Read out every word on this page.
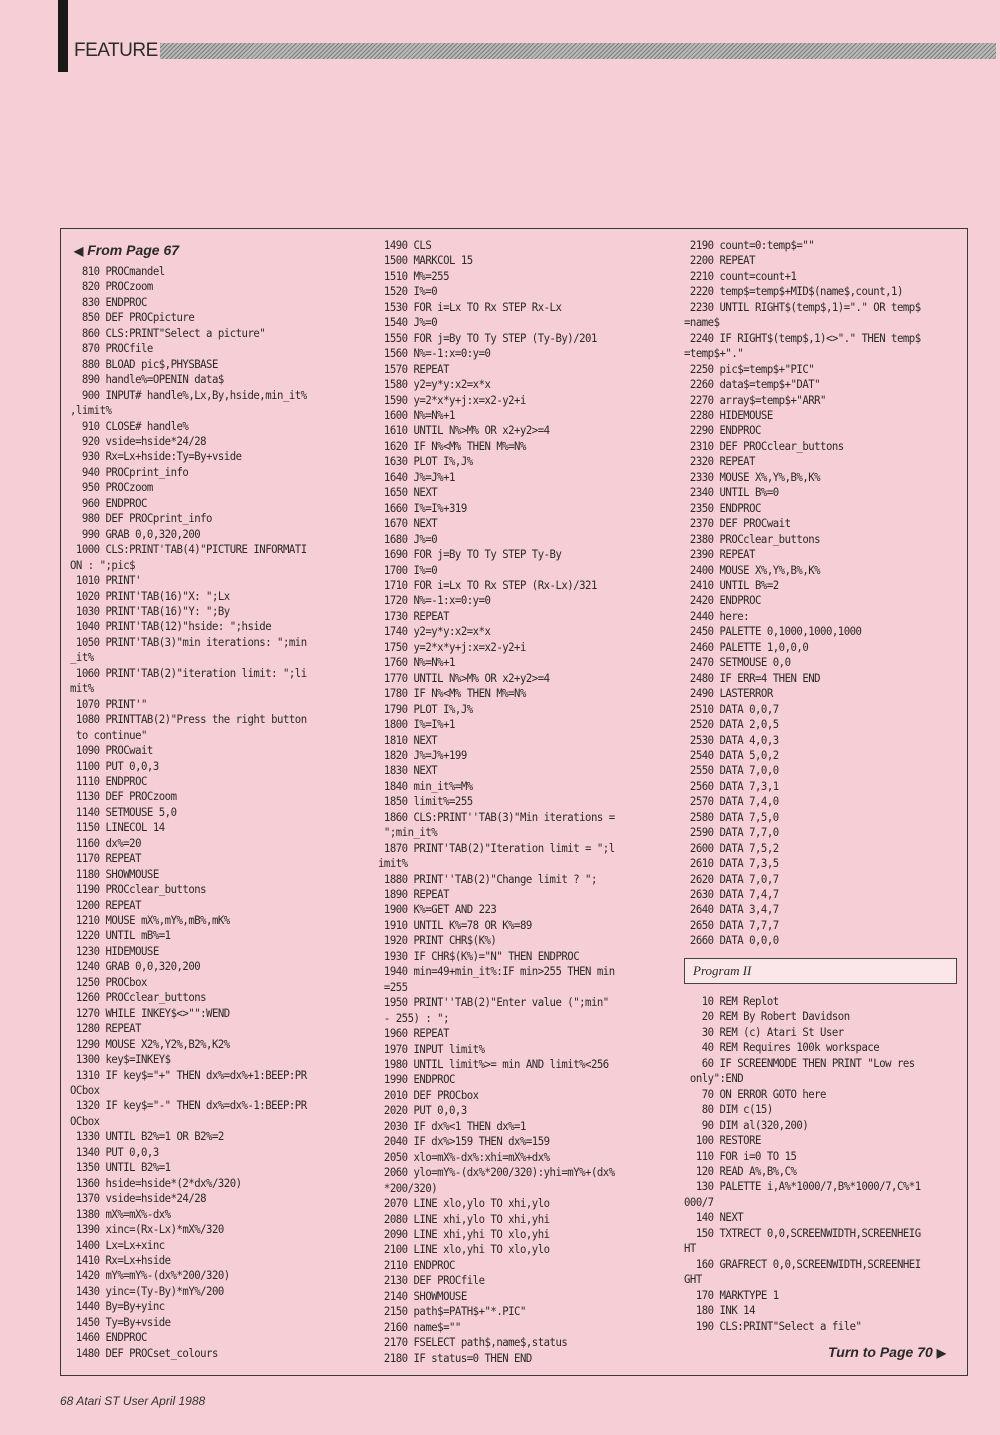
FEATURE
◀ From Page 67
810 PROCmandel
820 PROCzoom
830 ENDPROC
850 DEF PROCpicture
860 CLS:PRINT"Select a picture"
870 PROCfile
880 BLOAD pic$,PHYSBASE
890 handle%=OPENIN data$
900 INPUT# handle%,Lx,By,hside,min_it%
,limit%
910 CLOSE# handle%
920 vside=hside*24/28
930 Rx=Lx+hside:Ty=By+vside
940 PROCprint_info
950 PROCzoom
960 ENDPROC
980 DEF PROCprint_info
990 GRAB 0,0,320,200
1000 CLS:PRINT'TAB(4)"PICTURE INFORMATI
ON : ";pic$
1010 PRINT'
1020 PRINT'TAB(16)"X: ";Lx
1030 PRINT'TAB(16)"Y: ";By
1040 PRINT'TAB(12)"hside: ";hside
1050 PRINT'TAB(3)"min iterations: ";min
_it%
1060 PRINT'TAB(2)"iteration limit: ";li
mit%
1070 PRINT'"
1080 PRINTTAB(2)"Press the right button
to continue"
1090 PROCwait
1100 PUT 0,0,3
1110 ENDPROC
1130 DEF PROCzoom
1140 SETMOUSE 5,0
1150 LINECOL 14
1160 dx%=20
1170 REPEAT
1180 SHOWMOUSE
1190 PROCclear_buttons
1200 REPEAT
1210 MOUSE mX%,mY%,mB%,mK%
1220 UNTIL mB%=1
1230 HIDEMOUSE
1240 GRAB 0,0,320,200
1250 PROCbox
1260 PROCclear_buttons
1270 WHILE INKEY$<>"":WEND
1280 REPEAT
1290 MOUSE X2%,Y2%,B2%,K2%
1300 key$=INKEY$
1310 IF key$="+" THEN dx%=dx%+1:BEEP:PR
OCbox
1320 IF key$="-" THEN dx%=dx%-1:BEEP:PR
OCbox
1330 UNTIL B2%=1 OR B2%=2
1340 PUT 0,0,3
1350 UNTIL B2%=1
1360 hside=hside*(2*dx%/320)
1370 vside=hside*24/28
1380 mX%=mX%-dx%
1390 xinc=(Rx-Lx)*mX%/320
1400 Lx=Lx+xinc
1410 Rx=Lx+hside
1420 mY%=mY%-(dx%*200/320)
1430 yinc=(Ty-By)*mY%/200
1440 By=By+yinc
1450 Ty=By+vside
1460 ENDPROC
1480 DEF PROCset_colours
1490 CLS
1500 MARKCOL 15
1510 M%=255
1520 I%=0
1530 FOR i=Lx TO Rx STEP Rx-Lx
1540 J%=0
1550 FOR j=By TO Ty STEP (Ty-By)/201
1560 N%=-1:x=0:y=0
1570 REPEAT
1580 y2=y*y:x2=x*x
1590 y=2*x*y+j:x=x2-y2+i
1600 N%=N%+1
1610 UNTIL N%>M% OR x2+y2>=4
1620 IF N%<M% THEN M%=N%
1630 PLOT I%,J%
1640 J%=J%+1
1650 NEXT
1660 I%=I%+319
1670 NEXT
1680 J%=0
1690 FOR j=By TO Ty STEP Ty-By
1700 I%=0
1710 FOR i=Lx TO Rx STEP (Rx-Lx)/321
1720 N%=-1:x=0:y=0
1730 REPEAT
1740 y2=y*y:x2=x*x
1750 y=2*x*y+j:x=x2-y2+i
1760 N%=N%+1
1770 UNTIL N%>M% OR x2+y2>=4
1780 IF N%<M% THEN M%=N%
1790 PLOT I%,J%
1800 I%=I%+1
1810 NEXT
1820 J%=J%+199
1830 NEXT
1840 min_it%=M%
1850 limit%=255
1860 CLS:PRINT''TAB(3)"Min iterations =
";min_it%
1870 PRINT'TAB(2)"Iteration limit = ";l
imit%
1880 PRINT''TAB(2)"Change limit ? ";
1890 REPEAT
1900 K%=GET AND 223
1910 UNTIL K%=78 OR K%=89
1920 PRINT CHR$(K%)
1930 IF CHR$(K%)="N" THEN ENDPROC
1940 min=49+min_it%:IF min>255 THEN min
=255
1950 PRINT''TAB(2)"Enter value (";min"
- 255) : ";
1960 REPEAT
1970 INPUT limit%
1980 UNTIL limit%>= min AND limit%<256
1990 ENDPROC
2010 DEF PROCbox
2020 PUT 0,0,3
2030 IF dx%<1 THEN dx%=1
2040 IF dx%>159 THEN dx%=159
2050 xlo=mX%-dx%:xhi=mX%+dx%
2060 ylo=mY%-(dx%*200/320):yhi=mY%+(dx%
*200/320)
2070 LINE xlo,ylo TO xhi,ylo
2080 LINE xhi,ylo TO xhi,yhi
2090 LINE xhi,yhi TO xlo,yhi
2100 LINE xlo,yhi TO xlo,ylo
2110 ENDPROC
2130 DEF PROCfile
2140 SHOWMOUSE
2150 path$=PATH$+"*.PIC"
2160 name$=""
2170 FSELECT path$,name$,status
2180 IF status=0 THEN END
2190 count=0:temp$=""
2200 REPEAT
2210 count=count+1
2220 temp$=temp$+MID$(name$,count,1)
2230 UNTIL RIGHT$(temp$,1)="." OR temp$
=name$
2240 IF RIGHT$(temp$,1)<>"." THEN temp$
=temp$+"."
2250 pic$=temp$+"PIC"
2260 data$=temp$+"DAT"
2270 array$=temp$+"ARR"
2280 HIDEMOUSE
2290 ENDPROC
2310 DEF PROCclear_buttons
2320 REPEAT
2330 MOUSE X%,Y%,B%,K%
2340 UNTIL B%=0
2350 ENDPROC
2370 DEF PROCwait
2380 PROCclear_buttons
2390 REPEAT
2400 MOUSE X%,Y%,B%,K%
2410 UNTIL B%=2
2420 ENDPROC
2440 here:
2450 PALETTE 0,1000,1000,1000
2460 PALETTE 1,0,0,0
2470 SETMOUSE 0,0
2480 IF ERR=4 THEN END
2490 LASTERROR
2510 DATA 0,0,7
2520 DATA 2,0,5
2530 DATA 4,0,3
2540 DATA 5,0,2
2550 DATA 7,0,0
2560 DATA 7,3,1
2570 DATA 7,4,0
2580 DATA 7,5,0
2590 DATA 7,7,0
2600 DATA 7,5,2
2610 DATA 7,3,5
2620 DATA 7,0,7
2630 DATA 7,4,7
2640 DATA 3,4,7
2650 DATA 7,7,7
2660 DATA 0,0,0
Program II
10 REM Replot
20 REM By Robert Davidson
30 REM (c) Atari St User
40 REM Requires 100k workspace
60 IF SCREENMODE THEN PRINT "Low res
only":END
70 ON ERROR GOTO here
80 DIM c(15)
90 DIM al(320,200)
100 RESTORE
110 FOR i=0 TO 15
120 READ A%,B%,C%
130 PALETTE i,A%*1000/7,B%*1000/7,C%*1
000/7
140 NEXT
150 TXTRECT 0,0,SCREENWIDTH,SCREENHEIG
HT
160 GRAFRECT 0,0,SCREENWIDTH,SCREENHEI
GHT
170 MARKTYPE 1
180 INK 14
190 CLS:PRINT"Select a file"
Turn to Page 70 ▶
68 Atari ST User April 1988
